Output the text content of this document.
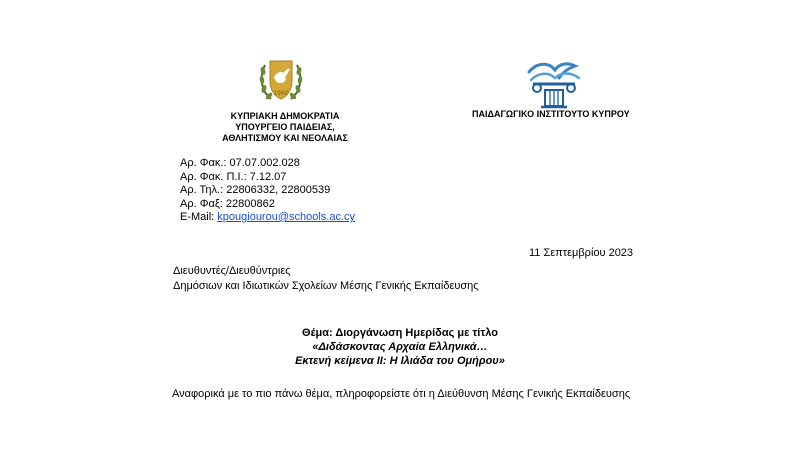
1960
ΚΥΠΡΙΑΚΗ ΔΗΜΟΚΡΑΤΙΑ
ΥΠΟΥΡΓΕΙΟ ΠΑΙΔΕΙΑΣ,
ΑΘΛΗΤΙΣΜΟΥ ΚΑΙ ΝΕΟΛΑΙΑΣ
ΠΑΙΔΑΓΩΓΙΚΟ ΙΝΣΤΙΤΟΥΤΟ ΚΥΠΡΟΥ
Αρ. Φακ.: 07.07.002.028
Αρ. Φακ. Π.Ι.: 7.12.07
Αρ. Τηλ.: 22806332, 22800539
Αρ. Φαξ: 22800862
E-Mail: kpougiourou@schools.ac.cy
11 Σεπτεμβρίου 2023
Διευθυντές/Διευθύντριες
Δημόσιων και Ιδιωτικών Σχολείων Μέσης Γενικής Εκπαίδευσης
Θέμα: Διοργάνωση Ημερίδας με τίτλο
«Διδάσκοντας Αρχαία Ελληνικά…
Εκτενή κείμενα ΙΙ: Η Ιλιάδα του Ομήρου»
Αναφορικά με το πιο πάνω θέμα, πληροφορείστε ότι η Διεύθυνση Μέσης Γενικής Εκπαίδευσης
